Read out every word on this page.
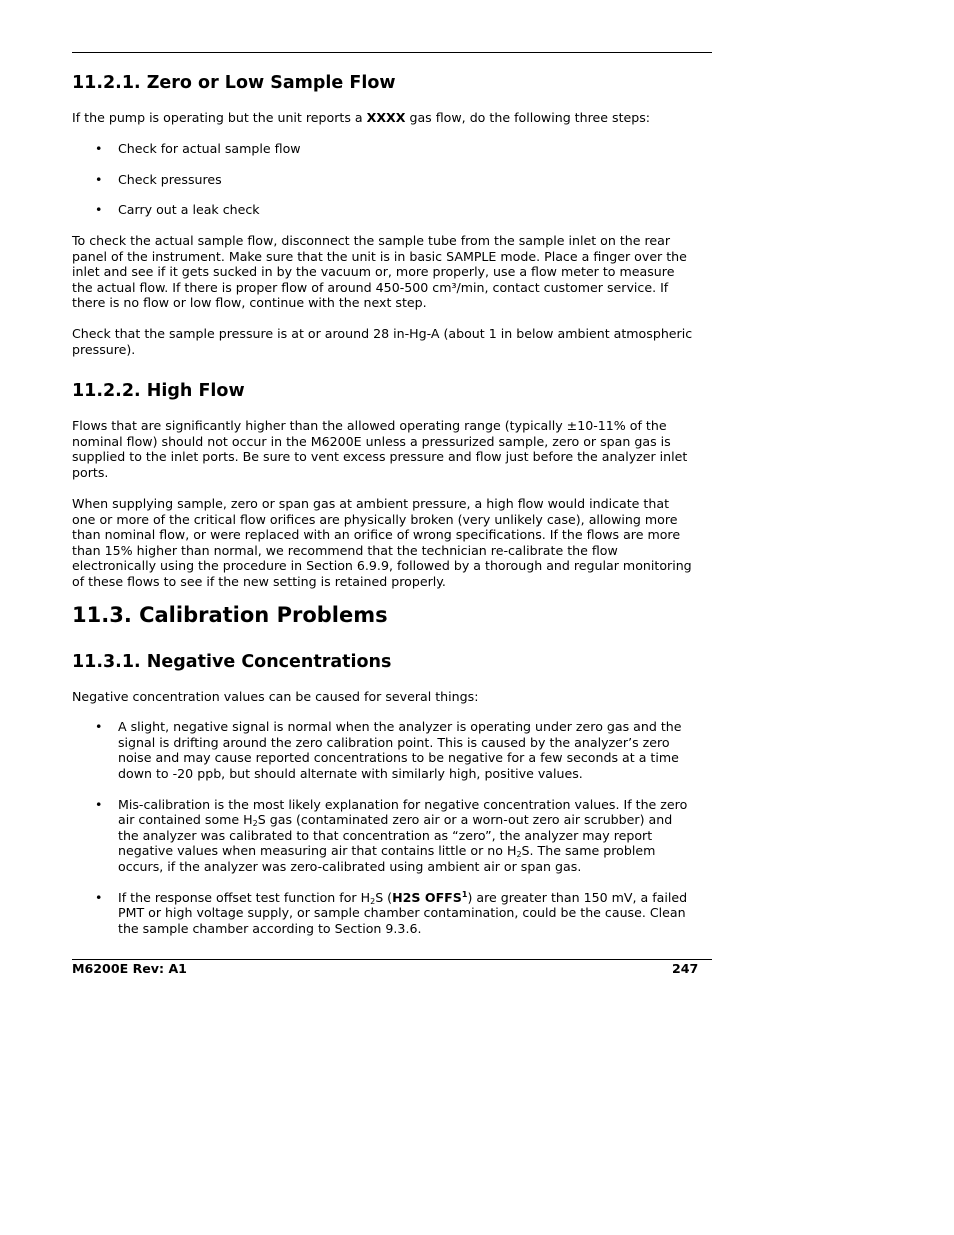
11.2.1. Zero or Low Sample Flow

If the pump is operating but the unit reports a XXXX gas flow, do the following three steps:

• Check for actual sample flow
• Check pressures
• Carry out a leak check

To check the actual sample flow, disconnect the sample tube from the sample inlet on the rear
panel of the instrument. Make sure that the unit is in basic SAMPLE mode. Place a finger over the
inlet and see if it gets sucked in by the vacuum or, more properly, use a flow meter to measure
the actual flow. If there is proper flow of around 450-500 cm³/min, contact customer service. If
there is no flow or low flow, continue with the next step.

Check that the sample pressure is at or around 28 in-Hg-A (about 1 in below ambient atmospheric
pressure).

11.2.2. High Flow

Flows that are significantly higher than the allowed operating range (typically ±10-11% of the
nominal flow) should not occur in the M6200E unless a pressurized sample, zero or span gas is
supplied to the inlet ports. Be sure to vent excess pressure and flow just before the analyzer inlet
ports.

When supplying sample, zero or span gas at ambient pressure, a high flow would indicate that
one or more of the critical flow orifices are physically broken (very unlikely case), allowing more
than nominal flow, or were replaced with an orifice of wrong specifications. If the flows are more
than 15% higher than normal, we recommend that the technician re-calibrate the flow
electronically using the procedure in Section 6.9.9, followed by a thorough and regular monitoring
of these flows to see if the new setting is retained properly.

11.3. Calibration Problems
11.3.1. Negative Concentrations

Negative concentration values can be caused for several things:

• A slight, negative signal is normal when the analyzer is operating under zero gas and the
signal is drifting around the zero calibration point. This is caused by the analyzer’s zero
noise and may cause reported concentrations to be negative for a few seconds at a time
down to -20 ppb, but should alternate with similarly high, positive values.
• Mis-calibration is the most likely explanation for negative concentration values. If the zero
air contained some $H_2S$ gas (contaminated zero air or a worn-out zero air scrubber) and
the analyzer was calibrated to that concentration as “zero”, the analyzer may report
negative values when measuring air that contains little or no $H_2S$. The same problem
occurs, if the analyzer was zero-calibrated using ambient air or span gas.
• If the response offset test function for $H_2S$ (H2S OFFS$^1$) are greater than 150 mV, a failed
PMT or high voltage supply, or sample chamber contamination, could be the cause. Clean
the sample chamber according to Section 9.3.6.
M6200E Rev: A1	247
